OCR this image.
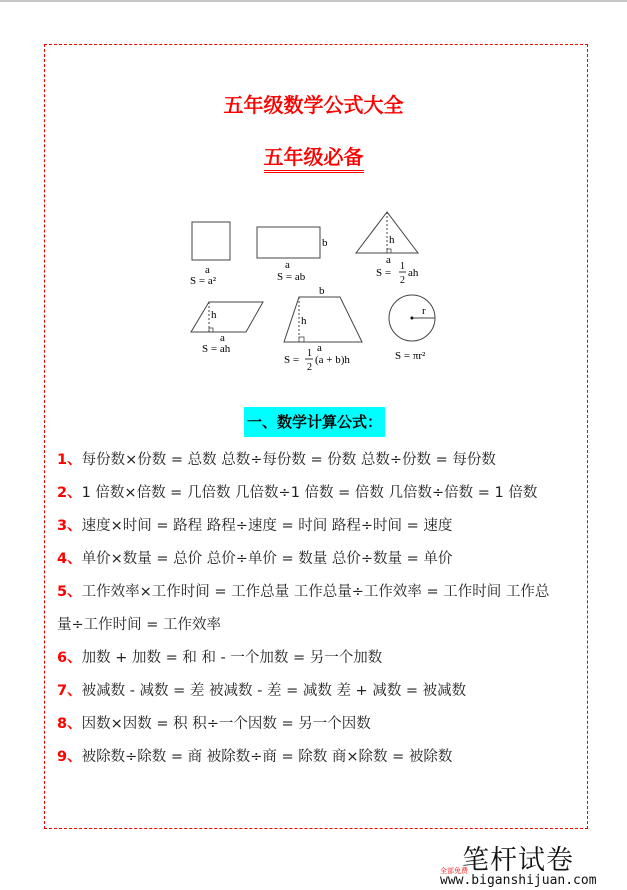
五年级数学公式大全
五年级必备
a
S = a²
b
a
S = ab
h
a
S =
1
2
ah
h
a
S = ah
b
h
a
S =
1
2
(a + b)h
r
S = πr²
一、数学计算公式：
1、每份数×份数 = 总数 总数÷每份数 = 份数 总数÷份数 = 每份数
2、1 倍数×倍数 = 几倍数 几倍数÷1 倍数 = 倍数 几倍数÷倍数 = 1 倍数
3、速度×时间 = 路程 路程÷速度 = 时间 路程÷时间 = 速度
4、单价×数量 = 总价 总价÷单价 = 数量 总价÷数量 = 单价
5、工作效率×工作时间 = 工作总量 工作总量÷工作效率 = 工作时间 工作总
量÷工作时间 = 工作效率
6、加数 + 加数 = 和 和 - 一个加数 = 另一个加数
7、被减数 - 减数 = 差 被减数 - 差 = 减数 差 + 减数 = 被减数
8、因数×因数 = 积 积÷一个因数 = 另一个因数
9、被除数÷除数 = 商 被除数÷商 = 除数 商×除数 = 被除数
笔杆试卷
全部免费
www.biganshijuan.com
